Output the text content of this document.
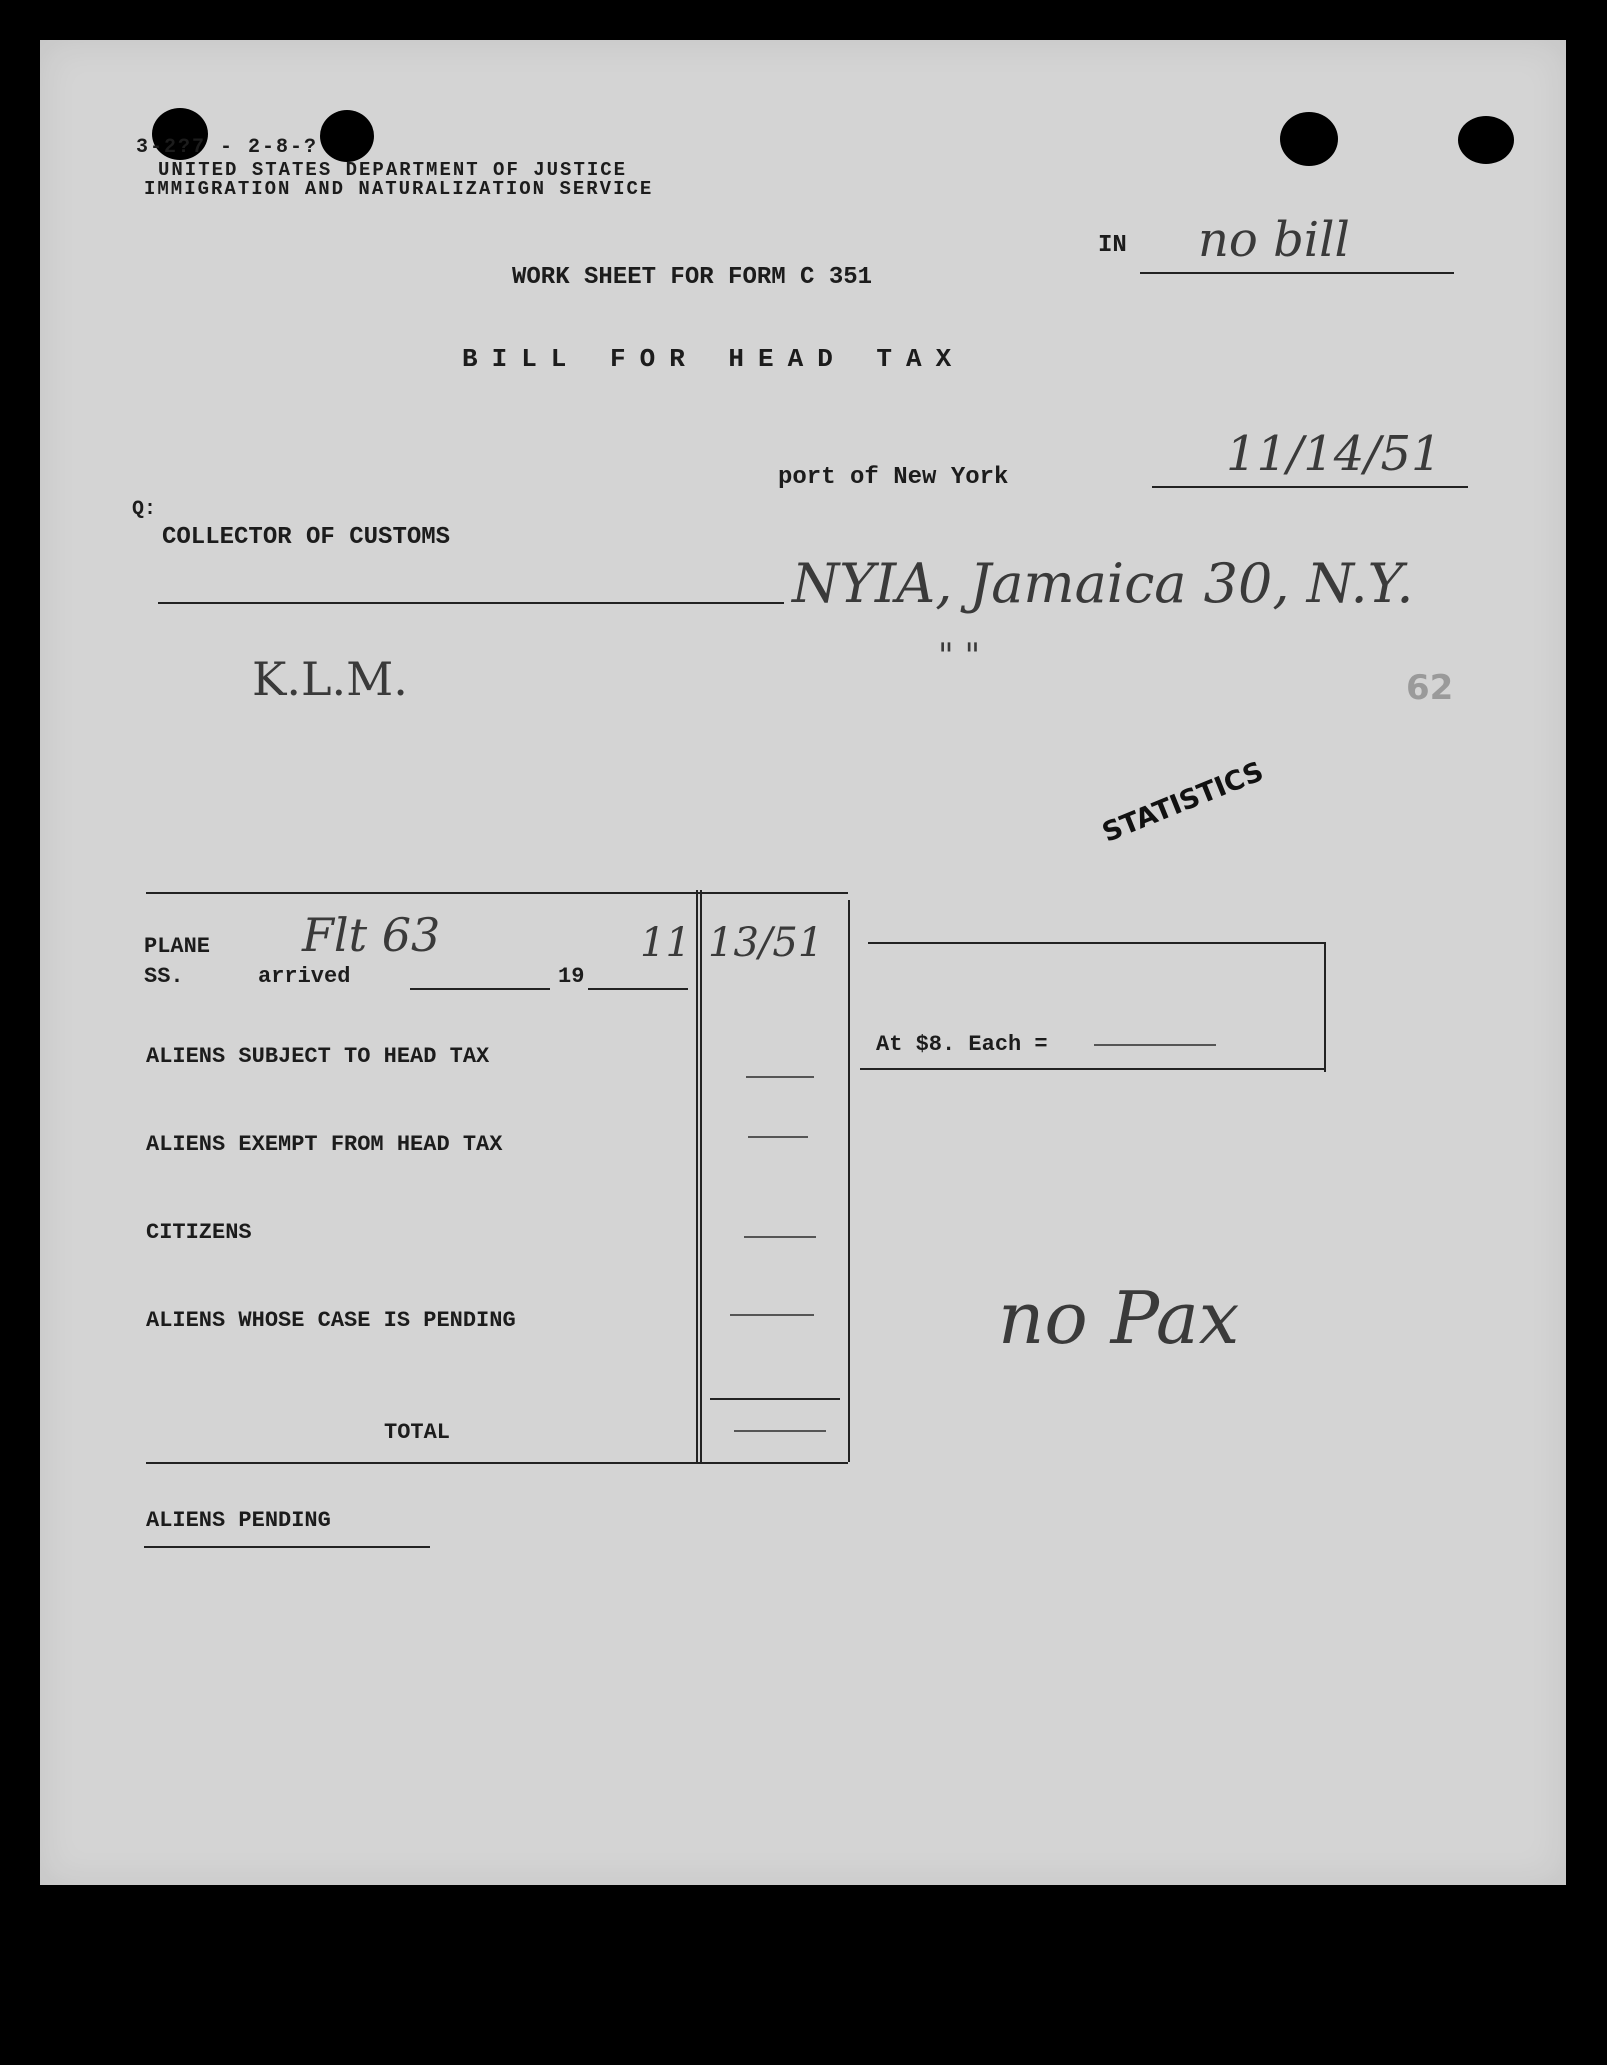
3-2?7 - 2-8-?
UNITED STATES DEPARTMENT OF JUSTICE
IMMIGRATION AND NATURALIZATION SERVICE
IN no bill
WORK SHEET FOR FORM C 351
BILL FOR HEAD TAX
port of New York	11/14/51
Q:
COLLECTOR OF CUSTOMS
NYIA, Jamaica 30, N.Y.
" "
K.L.M.	62
STATISTICS
PLANE
SS.	arrived	19
Flt 63	11 13/51
ALIENS SUBJECT TO HEAD TAX
ALIENS EXEMPT FROM HEAD TAX
CITIZENS
ALIENS WHOSE CASE IS PENDING
TOTAL
ALIENS PENDING
At $8. Each =
no Pax
